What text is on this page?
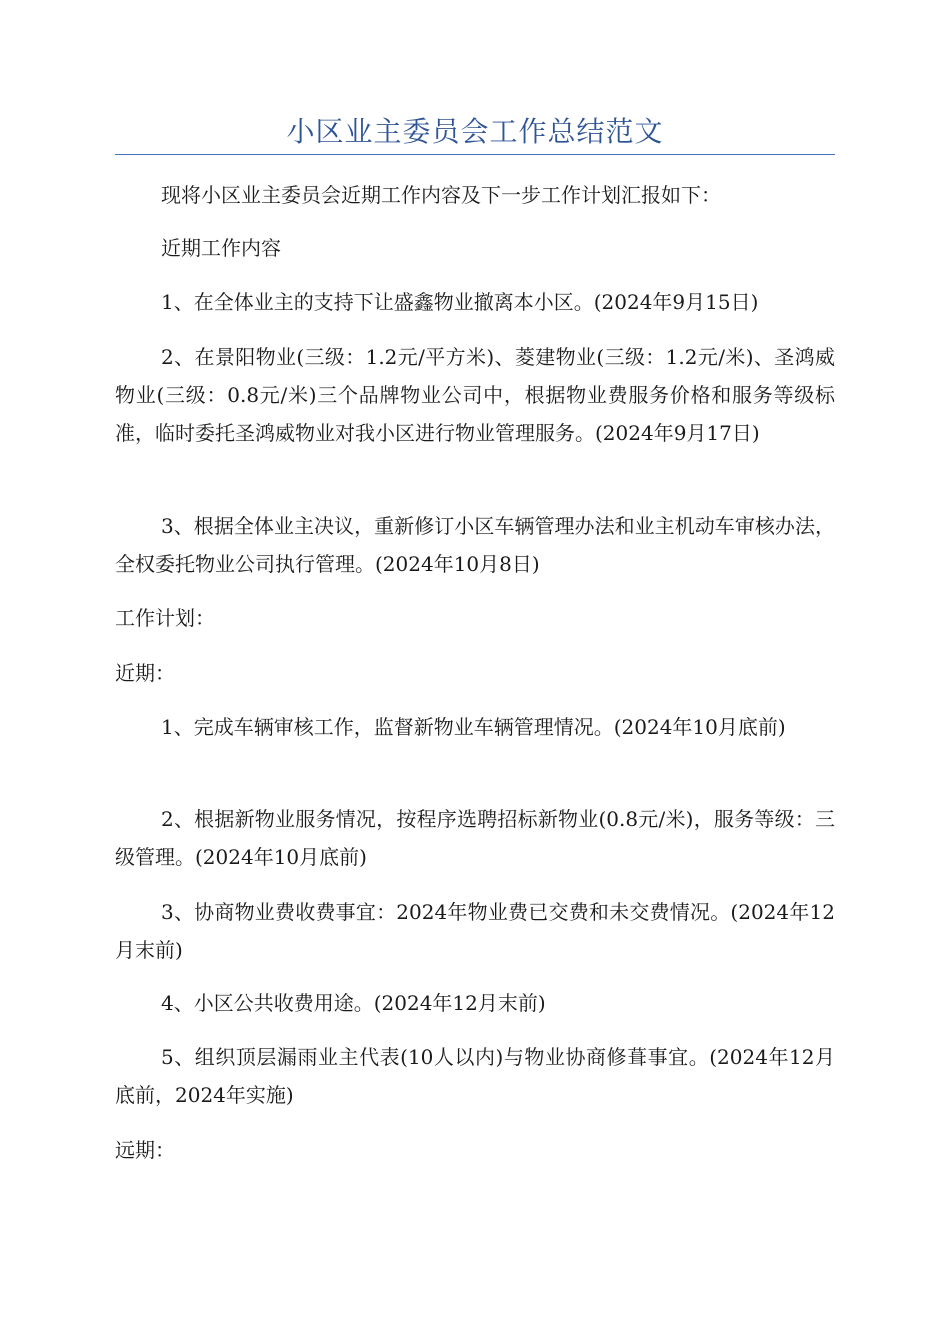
小区业主委员会工作总结范文

现将小区业主委员会近期工作内容及下一步工作计划汇报如下：

近期工作内容

1、在全体业主的支持下让盛鑫物业撤离本小区。(2024年9月15日)

2、在景阳物业(三级：1.2元/平方米)、菱建物业(三级：1.2元/米)、圣鸿威物业(三级：0.8元/米)三个品牌物业公司中，根据物业费服务价格和服务等级标准，临时委托圣鸿威物业对我小区进行物业管理服务。(2024年9月17日)

3、根据全体业主决议，重新修订小区车辆管理办法和业主机动车审核办法，全权委托物业公司执行管理。(2024年10月8日)

工作计划：

近期：

1、完成车辆审核工作，监督新物业车辆管理情况。(2024年10月底前)

2、根据新物业服务情况，按程序选聘招标新物业(0.8元/米)，服务等级：三级管理。(2024年10月底前)

3、协商物业费收费事宜：2024年物业费已交费和未交费情况。(2024年12月末前)

4、小区公共收费用途。(2024年12月末前)

5、组织顶层漏雨业主代表(10人以内)与物业协商修葺事宜。(2024年12月底前，2024年实施)

远期：
